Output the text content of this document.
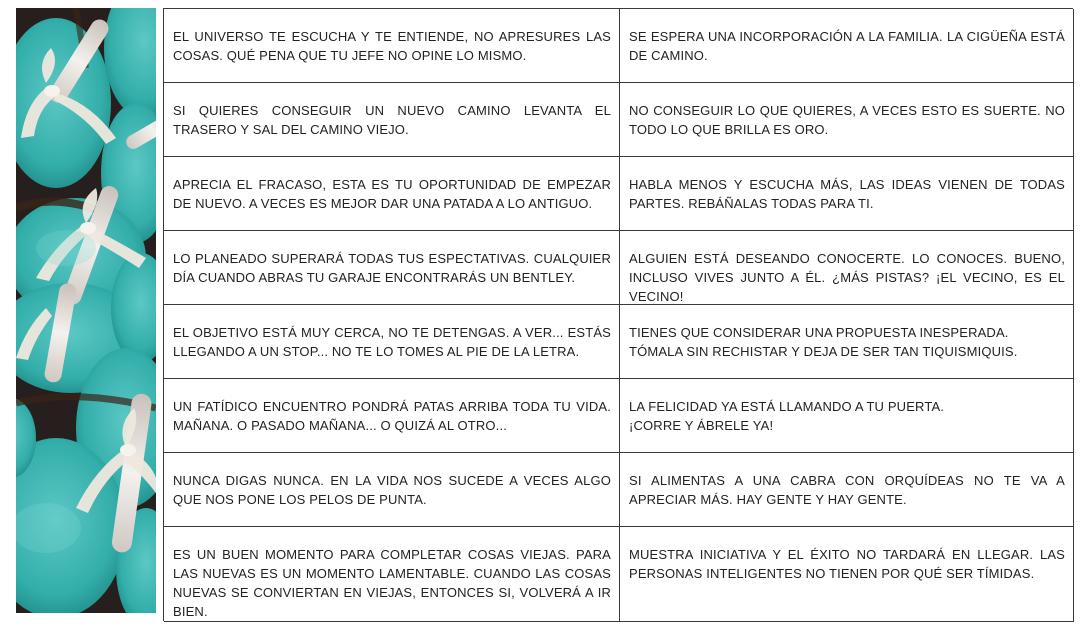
EL UNIVERSO TE ESCUCHA Y TE ENTIENDE, NO APRESURES LAS COSAS. QUÉ PENA QUE TU JEFE NO OPINE LO MISMO.
SE ESPERA UNA INCORPORACIÓN A LA FAMILIA. LA CIGÜEÑA ESTÁ DE CAMINO.
SI QUIERES CONSEGUIR UN NUEVO CAMINO LEVANTA EL TRASERO Y SAL DEL CAMINO VIEJO.
NO CONSEGUIR LO QUE QUIERES, A VECES ESTO ES SUERTE. NO TODO LO QUE BRILLA ES ORO.
APRECIA EL FRACASO, ESTA ES TU OPORTUNIDAD DE EMPEZAR DE NUEVO. A VECES ES MEJOR DAR UNA PATADA A LO ANTIGUO.
HABLA MENOS Y ESCUCHA MÁS, LAS IDEAS VIENEN DE TODAS PARTES. REBÁÑALAS TODAS PARA TI.
LO PLANEADO SUPERARÁ TODAS TUS ESPECTATIVAS. CUALQUIER DÍA CUANDO ABRAS TU GARAJE ENCONTRARÁS UN BENTLEY.
ALGUIEN ESTÁ DESEANDO CONOCERTE. LO CONOCES. BUENO, INCLUSO VIVES JUNTO A ÉL. ¿MÁS PISTAS? ¡EL VECINO, ES EL VECINO!
EL OBJETIVO ESTÁ MUY CERCA, NO TE DETENGAS. A VER... ESTÁS LLEGANDO A UN STOP... NO TE LO TOMES AL PIE DE LA LETRA.
TIENES QUE CONSIDERAR UNA PROPUESTA INESPERADA.
TÓMALA SIN RECHISTAR Y DEJA DE SER TAN TIQUISMIQUIS.
UN FATÍDICO ENCUENTRO PONDRÁ PATAS ARRIBA TODA TU VIDA. MAÑANA. O PASADO MAÑANA... O QUIZÁ AL OTRO...
LA FELICIDAD YA ESTÁ LLAMANDO A TU PUERTA.
¡CORRE Y ÁBRELE YA!
NUNCA DIGAS NUNCA. EN LA VIDA NOS SUCEDE A VECES ALGO QUE NOS PONE LOS PELOS DE PUNTA.
SI ALIMENTAS A UNA CABRA CON ORQUÍDEAS NO TE VA A APRECIAR MÁS. HAY GENTE Y HAY GENTE.
ES UN BUEN MOMENTO PARA COMPLETAR COSAS VIEJAS. PARA LAS NUEVAS ES UN MOMENTO LAMENTABLE. CUANDO LAS COSAS NUEVAS SE CONVIERTAN EN VIEJAS, ENTONCES SI, VOLVERÁ A IR BIEN.
MUESTRA INICIATIVA Y EL ÉXITO NO TARDARÁ EN LLEGAR. LAS PERSONAS INTELIGENTES NO TIENEN POR QUÉ SER TÍMIDAS.
